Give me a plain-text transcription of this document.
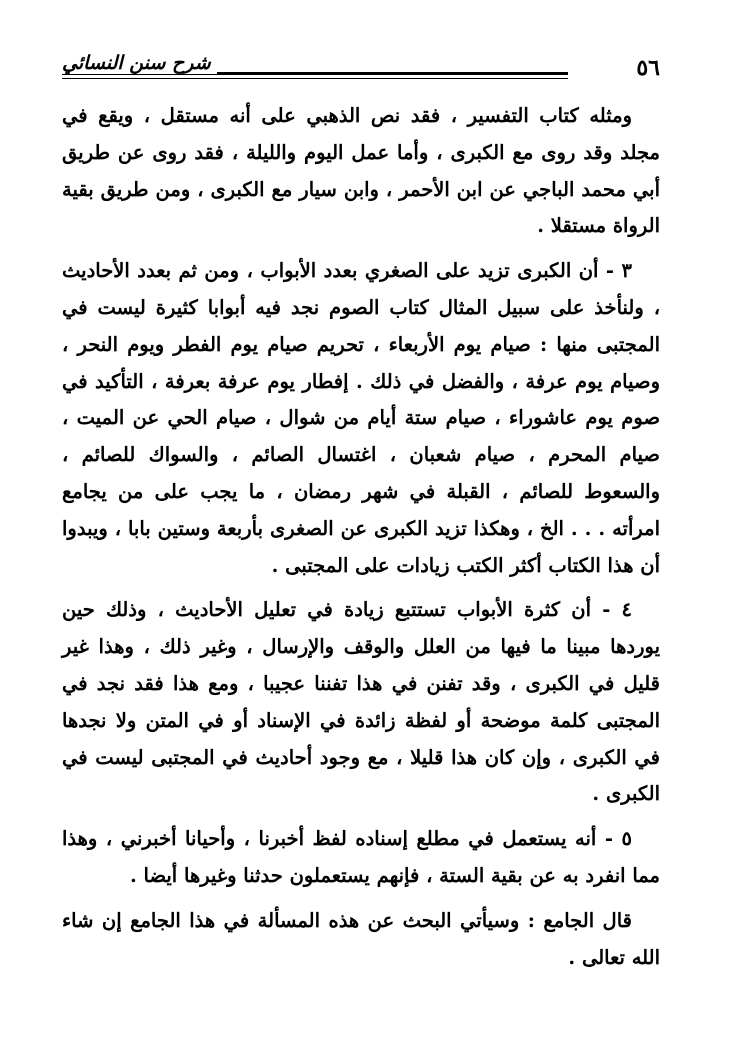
شرح سنن النسائي	٥٦

ومثله كتاب التفسير ، فقد نص الذهبي على أنه مستقل ، ويقع في مجلد وقد روى مع الكبرى ، وأما عمل اليوم والليلة ، فقد روى عن طريق أبي محمد الباجي عن ابن الأحمر ، وابن سيار مع الكبرى ، ومن طريق بقية الرواة مستقلا .

٣ - أن الكبرى تزيد على الصغري بعدد الأبواب ، ومن ثم بعدد الأحاديث ، ولنأخذ على سبيل المثال كتاب الصوم نجد فيه أبوابا كثيرة ليست في المجتبى منها : صيام يوم الأربعاء ، تحريم صيام يوم الفطر ويوم النحر ، وصيام يوم عرفة ، والفضل في ذلك . إفطار يوم عرفة بعرفة ، التأكيد في صوم يوم عاشوراء ، صيام ستة أيام من شوال ، صيام الحي عن الميت ، صيام المحرم ، صيام شعبان ، اغتسال الصائم ، والسواك للصائم ، والسعوط للصائم ، القبلة في شهر رمضان ، ما يجب على من يجامع امرأته . . . الخ ، وهكذا تزيد الكبرى عن الصغرى بأربعة وستين بابا ، ويبدوا أن هذا الكتاب أكثر الكتب زيادات على المجتبى .

٤ - أن كثرة الأبواب تستتبع زيادة في تعليل الأحاديث ، وذلك حين يوردها مبينا ما فيها من العلل والوقف والإرسال ، وغير ذلك ، وهذا غير قليل في الكبرى ، وقد تفنن في هذا تفننا عجيبا ، ومع هذا فقد نجد في المجتبى كلمة موضحة أو لفظة زائدة في الإسناد أو في المتن ولا نجدها في الكبرى ، وإن كان هذا قليلا ، مع وجود أحاديث في المجتبى ليست في الكبرى .

٥ - أنه يستعمل في مطلع إسناده لفظ أخبرنا ، وأحيانا أخبرني ، وهذا مما انفرد به عن بقية الستة ، فإنهم يستعملون حدثنا وغيرها أيضا .

قال الجامع : وسيأتي البحث عن هذه المسألة في هذا الجامع إن شاء الله تعالى .
